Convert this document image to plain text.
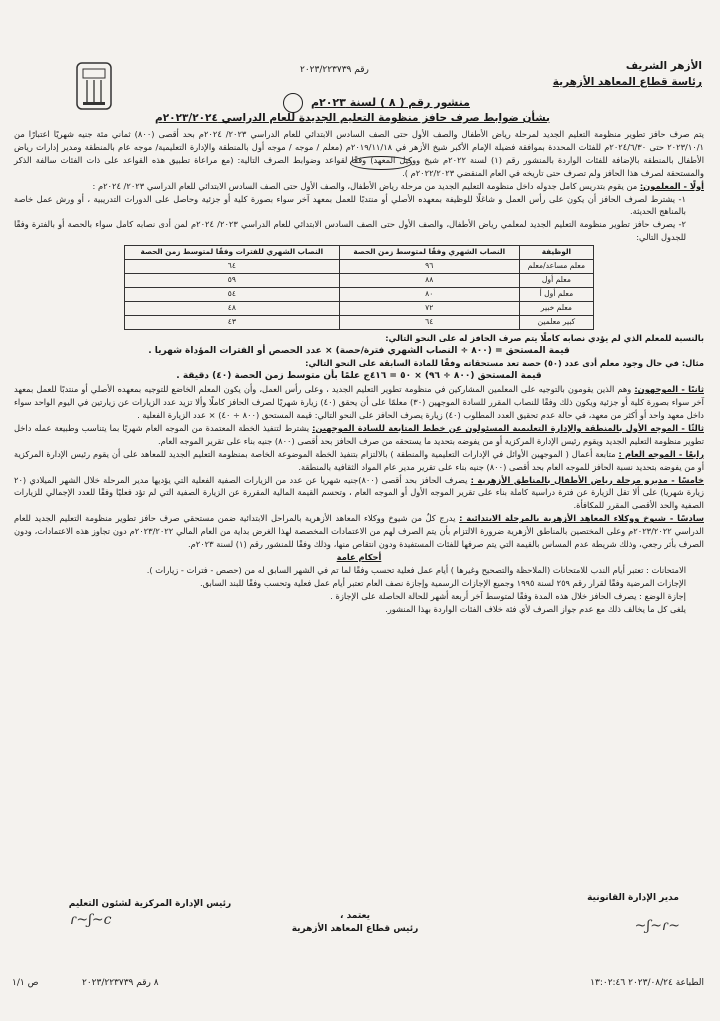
الأزهر الشريف
رئاسة قطاع المعاهد الأزهرية
رقم ٢٠٢٣/٢٢٣٧٣٩
منشور رقم ( ٨ ) لسنة ٢٠٢٣م
بشأن ضوابط صرف حافز منظومة التعليم الجديدة للعام الدراسي ٢٠٢٣/٢٠٢٤م

يتم صرف حافز تطوير منظومة التعليم الجديد لمرحلة رياض الأطفال والصف الأول حتى الصف السادس الابتدائي للعام الدراسي ٢٠٢٣/ ٢٠٢٤م بحد أقصى (٨٠٠) ثماني مئة جنيه شهريًا اعتبارًا من ٢٠٢٣/١٠/١ حتى ٢٠٢٤/٦/٣٠م للفئات المحددة بموافقة فضيلة الإمام الأكبر شيخ الأزهر في ٢٠١٩/١١/١٨م (معلم / موجه / موجه أول بالمنطقة والإدارة التعليمية/ موجه عام بالمنطقة ومدير إدارات رياض الأطفال بالمنطقة بالإضافة للفئات الواردة بالمنشور رقم (١) لسنة ٢٠٢٢م شيخ ووكيل المعهد) وفقًا لقواعد وضوابط الصرف التالية: (مع مراعاة تطبيق هذه القواعد على ذات الفئات سالفة الذكر والمستحقة لصرف هذا الحافز ولم تصرف حتى تاريخه في العام المنقضي ٢٠٢٢/٢٠٢٣م ).

أولًا - المعلمون: من يقوم بتدريس كامل جدوله داخل منظومة التعليم الجديد من مرحلة رياض الأطفال، والصف الأول حتى الصف السادس الابتدائي للعام الدراسي ٢٠٢٣/ ٢٠٢٤م :

١- يشترط لصرف الحافز أن يكون على رأس العمل و شاغلًا للوظيفة بمعهده الأصلي أو منتدبًا للعمل بمعهد آخر سواء بصورة كلية أو جزئية وحاصل على الدورات التدريبية ، أو ورش عمل خاصة بالمناهج الحديثة.

٢- يصرف حافز تطوير منظومة التعليم الجديد لمعلمي رياض الأطفال، والصف الأول حتى الصف السادس الابتدائي للعام الدراسي ٢٠٢٣/ ٢٠٢٤م لمن أدى نصابه كامل سواء بالحصة أو بالفترة وفقًا للجدول التالي:

الوظيفة	النصاب الشهري وفقًا لمتوسط زمن الحصة	النصاب الشهري للفترات وفقًا لمتوسط زمن الحصة
معلم مساعد/معلم	٩٦	٦٤
معلم أول	٨٨	٥٩
معلم أول أ	٨٠	٥٤
معلم خبير	٧٢	٤٨
كبير معلمين	٦٤	٤٣

بالنسبة للمعلم الذي لم يؤدي نصابه كاملًا يتم صرف الحافز له على النحو التالي:

قيمة المستحق = (٨٠٠ ÷ النصاب الشهري فترة/حصة) × عدد الحصص أو الفترات المؤداة شهريا .

مثال: في حال وجود معلم أدى عدد (٥٠) حصة تعد مستحقاته وفقًا للمادة السابقة على النحو التالي:

قيمة المستحق (٨٠٠ ÷ ٩٦) × ٥٠ = ٤١٦ج علمًا بأن متوسط زمن الحصة (٤٠) دقيقة .

ثانيًا - الموجهون: وهم الذين يقومون بالتوجيه على المعلمين المشاركين في منظومة تطوير التعليم الجديد ، وعلى رأس العمل، وأن يكون المعلم الخاضع للتوجيه بمعهده الأصلي أو منتدبًا للعمل بمعهد آخر سواء بصورة كلية أو جزئية ويكون ذلك وفقًا للنصاب المقرر للسادة الموجهين (٣٠) معلمًا على أن يحقق (٤٠) زيارة شهريًا لصرف الحافز كاملًا وألا تزيد عدد الزيارات عن زيارتين في اليوم الواحد سواء داخل معهد واحد أو أكثر من معهد، في حالة عدم تحقيق العدد المطلوب (٤٠) زيارة يصرف الحافز على النحو التالي: قيمة المستحق (٨٠٠ ÷ ٤٠) × عدد الزيارة الفعلية .

ثالثًا - الموجه الأول بالمنطقة والإدارة التعليمية المسئولون عن خطط المتابعة للسادة الموجهين: يشترط لتنفيذ الخطة المعتمدة من الموجه العام شهريًا بما يتناسب وطبيعة عمله داخل تطوير منظومة التعليم الجديد ويقوم رئيس الإدارة المركزية أو من يفوضه بتحديد ما يستحقه من صرف الحافز بحد أقصى (٨٠٠) جنيه بناء على تقرير الموجه العام.

رابعًا - الموجه العام : متابعة أعمال ( الموجهين الأوائل في الإدارات التعليمية والمنطقة ) بالالتزام بتنفيذ الخطة الموضوعة الخاصة بمنظومة التعليم الجديد للمعاهد على أن يقوم رئيس الإدارة المركزية أو من يفوضه بتحديد نسبة الحافز للموجه العام بحد أقصى (٨٠٠) جنيه بناء على تقرير مدير عام المواد الثقافية بالمنطقة.

خامسًا - مديرو مرحلة رياض الأطفال بالمناطق الأزهرية : يصرف الحافز بحد أقصى (٨٠٠)جنيه شهريا عن عدد من الزيارات الصفية الفعلية التي يؤديها مدير المرحلة خلال الشهر الميلادي (٢٠ زيارة شهريا) على ألا تقل الزيارة عن فترة دراسية كاملة بناء على تقرير الموجه الأول أو الموجه العام ، وتحسم القيمة المالية المقررة عن الزيارة الصفية التي لم تؤد فعليًا وفقًا للعدد الإجمالي للزيارات الصفية والحد الأقصى المقرر للمكافأة.

سادسًا - شيوخ ووكلاء المعاهد الأزهرية بالمرحلة الابتدائية : يدرج كلٌ من شيوخ ووكلاء المعاهد الأزهرية بالمراحل الابتدائية ضمن مستحقي صرف حافز تطوير منظومة التعليم الجديد للعام الدراسي ٢٠٢٣/٢٠٢٢م وعلى المختصين بالمناطق الأزهرية ضرورة الالتزام بأن يتم الصرف لهم من الاعتمادات المخصصة لهذا الغرض بداية من العام المالي ٢٠٢٣/٢٠٢٢م دون تجاوز هذه الاعتمادات، ودون الصرف بأثر رجعي، وذلك شريطة عدم المساس بالقيمة التي يتم صرفها للفئات المستفيدة ودون انتقاص منها، وذلك وفقًا للمنشور رقم (١) لسنة ٢٠٢٣م.

أحكام عامة

الامتحانات : تعتبر أيام الندب للامتحانات (الملاحظة والتصحيح وغيرها ) أيام عمل فعلية تحسب وفقًا لما تم في الشهر السابق له من (حصص - فترات - زيارات ).

الإجازات المرضية وفقًا لقرار رقم ٢٥٩ لسنة ١٩٩٥ وجميع الإجازات الرسمية وإجازة نصف العام تعتبر أيام عمل فعلية وتحسب وفقًا للبند السابق.

إجازة الوضع : يصرف الحافز خلال هذه المدة وفقًا لمتوسط آخر أربعة أشهر للحالة الحاصلة على الإجازة .

يلغى كل ما يخالف ذلك مع عدم جواز الصرف لأي فئة خلاف الفئات الواردة بهذا المنشور.

مدير الإدارة القانونية
~ʃ~ɾ~
يعتمد ،
رئيس قطاع المعاهد الأزهرية
رئيس الإدارة المركزية لشئون التعليم
ɾ~ʃ~c
الطباعة ٢٠٢٣/٠٨/٢٤ ١٣:٠٢:٤٦
٨ رقم ٢٠٢٣/٢٢٣٧٣٩
ص ١/١
